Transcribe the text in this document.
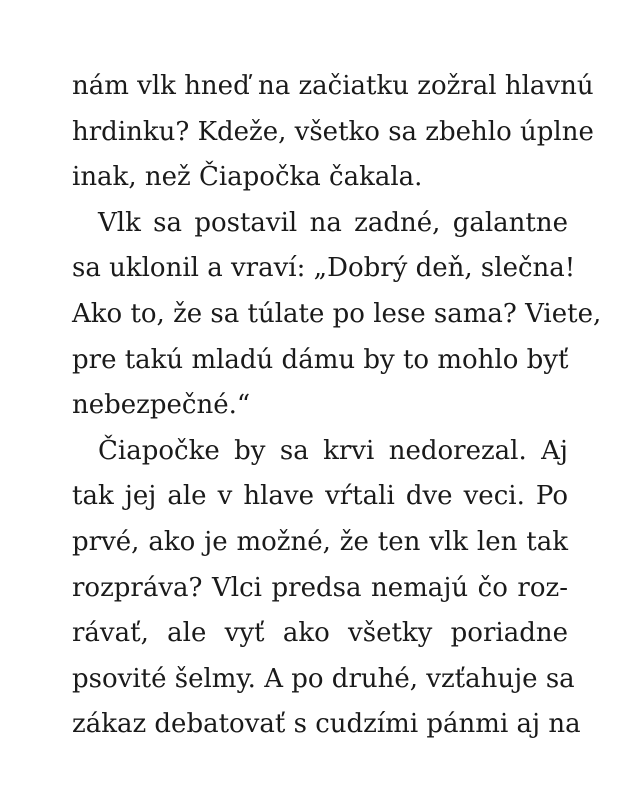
nám vlk hneď na začiatku zožral hlavnú
hrdinku? Kdeže, všetko sa zbehlo úplne
inak, než Čiapočka čakala.
Vlk sa postavil na zadné, galantne
sa uklonil a vraví: „Dobrý deň, slečna!
Ako to, že sa túlate po lese sama? Viete,
pre takú mladú dámu by to mohlo byť
nebezpečné.“
Čiapočke by sa krvi nedorezal. Aj
tak jej ale v hlave vŕtali dve veci. Po
prvé, ako je možné, že ten vlk len tak
rozpráva? Vlci predsa nemajú čo roz-
rávať, ale vyť ako všetky poriadne
psovité šelmy. A po druhé, vzťahuje sa
zákaz debatovať s cudzími pánmi aj na
